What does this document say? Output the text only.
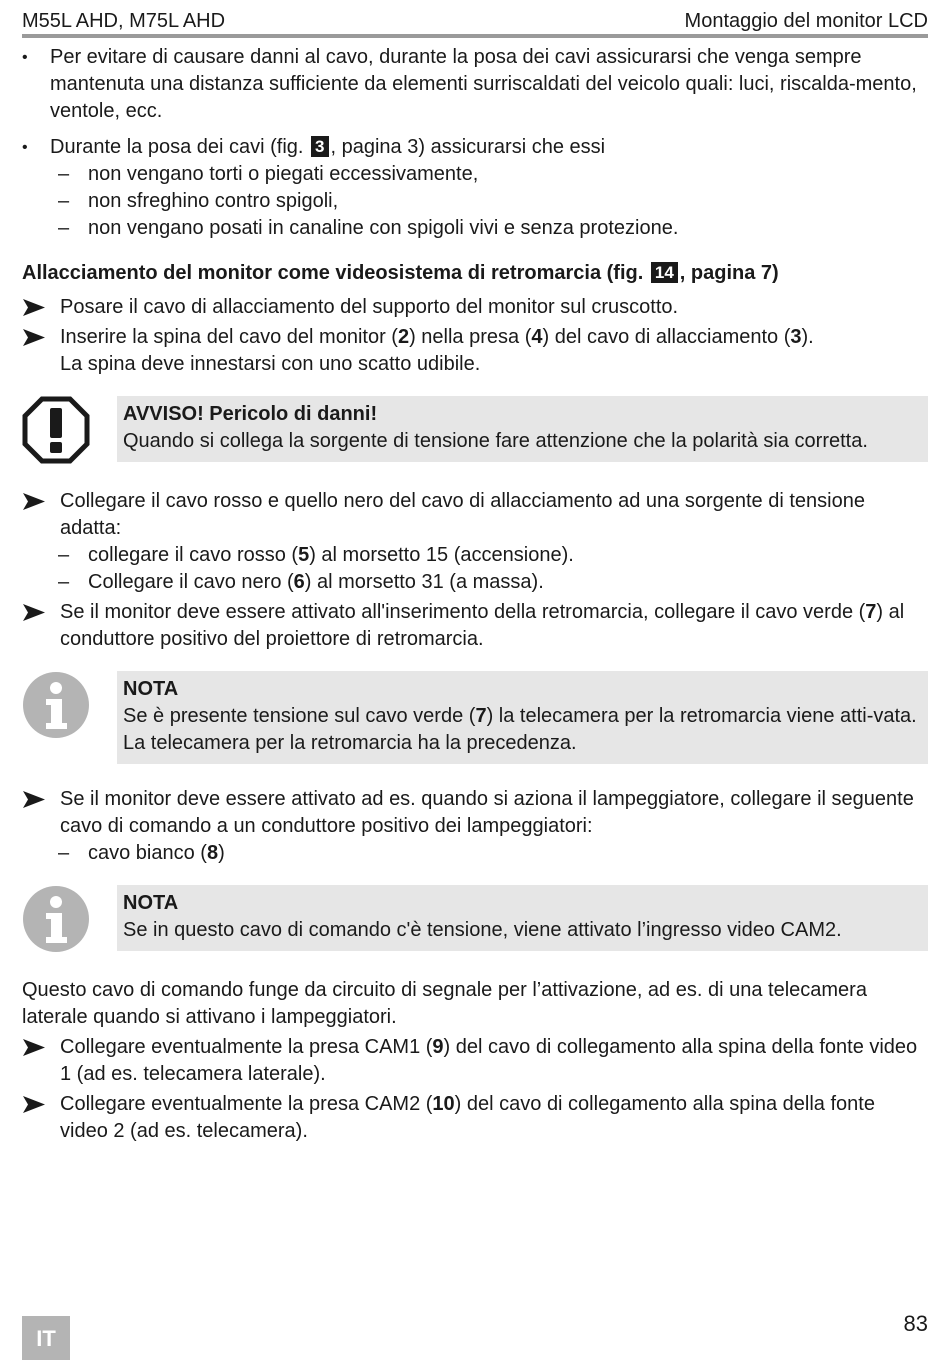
M55L AHD, M75L AHD	Montaggio del monitor LCD

• Per evitare di causare danni al cavo, durante la posa dei cavi assicurarsi che venga sempre mantenuta una distanza sufficiente da elementi surriscaldati del veicolo quali: luci, riscalda-mento, ventole, ecc.

• Durante la posa dei cavi (fig. 3 , pagina 3) assicurarsi che essi

– non vengano torti o piegati eccessivamente,

– non sfreghino contro spigoli,

– non vengano posati in canaline con spigoli vivi e senza protezione.

Allacciamento del monitor come videosistema di retromarcia (fig. 14 , pagina 7)

Posare il cavo di allacciamento del supporto del monitor sul cruscotto.

Inserire la spina del cavo del monitor (2) nella presa (4) del cavo di allacciamento (3).
La spina deve innestarsi con uno scatto udibile.

AVVISO! Pericolo di danni!
Quando si collega la sorgente di tensione fare attenzione che la polarità sia corretta.

Collegare il cavo rosso e quello nero del cavo di allacciamento ad una sorgente di tensione adatta:

– collegare il cavo rosso (5) al morsetto 15 (accensione).

– Collegare il cavo nero (6) al morsetto 31 (a massa).

Se il monitor deve essere attivato all'inserimento della retromarcia, collegare il cavo verde (7) al conduttore positivo del proiettore di retromarcia.

NOTA
Se è presente tensione sul cavo verde (7) la telecamera per la retromarcia viene atti-vata. La telecamera per la retromarcia ha la precedenza.

Se il monitor deve essere attivato ad es. quando si aziona il lampeggiatore, collegare il seguente cavo di comando a un conduttore positivo dei lampeggiatori:

– cavo bianco (8)

NOTA
Se in questo cavo di comando c'è tensione, viene attivato l’ingresso video CAM2.

Questo cavo di comando funge da circuito di segnale per l’attivazione, ad es. di una telecamera laterale quando si attivano i lampeggiatori.

Collegare eventualmente la presa CAM1 (9) del cavo di collegamento alla spina della fonte video 1 (ad es. telecamera laterale).

Collegare eventualmente la presa CAM2 (10) del cavo di collegamento alla spina della fonte video 2 (ad es. telecamera).

IT
83
